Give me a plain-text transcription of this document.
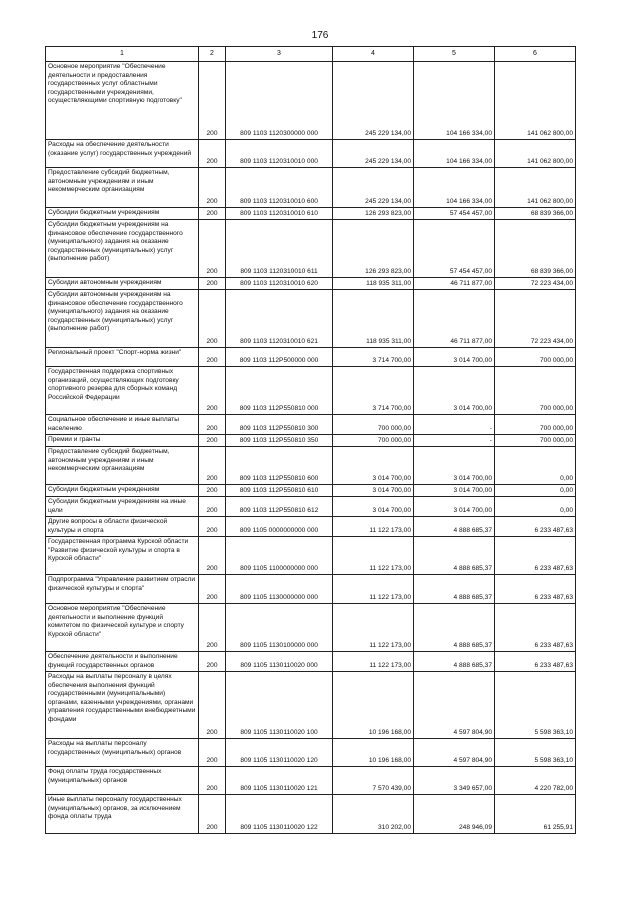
176
1	2	3	4	5	6
Основное мероприятие "Обеспечение деятельности и предоставления государственных услуг областными государственными учреждениями, осуществляющими спортивную подготовку"	200	809 1103 1120300000 000	245 229 134,00	104 166 334,00	141 062 800,00
Расходы на обеспечение деятельности (оказание услуг) государственных учреждений	200	809 1103 1120310010 000	245 229 134,00	104 166 334,00	141 062 800,00
Предоставление субсидий бюджетным, автономным учреждениям и иным некоммерческим организациям	200	809 1103 1120310010 600	245 229 134,00	104 166 334,00	141 062 800,00
Субсидии бюджетным учреждениям	200	809 1103 1120310010 610	126 293 823,00	57 454 457,00	68 839 366,00
Субсидии бюджетным учреждениям на финансовое обеспечение государственного (муниципального) задания на оказание государственных (муниципальных) услуг (выполнение работ)	200	809 1103 1120310010 611	126 293 823,00	57 454 457,00	68 839 366,00
Субсидии автономным учреждениям	200	809 1103 1120310010 620	118 935 311,00	46 711 877,00	72 223 434,00
Субсидии автономным учреждениям на финансовое обеспечение государственного (муниципального) задания на оказание государственных (муниципальных) услуг (выполнение работ)	200	809 1103 1120310010 621	118 935 311,00	46 711 877,00	72 223 434,00
Региональный проект "Спорт-норма жизни"	200	809 1103 112P500000 000	3 714 700,00	3 014 700,00	700 000,00
Государственная поддержка спортивных организаций, осуществляющих подготовку спортивного резерва для сборных команд Российской Федерации	200	809 1103 112P550810 000	3 714 700,00	3 014 700,00	700 000,00
Социальное обеспечение и иные выплаты населению	200	809 1103 112P550810 300	700 000,00	-	700 000,00
Премии и гранты	200	809 1103 112P550810 350	700 000,00	-	700 000,00
Предоставление субсидий бюджетным, автономным учреждениям и иным некоммерческим организациям	200	809 1103 112P550810 600	3 014 700,00	3 014 700,00	0,00
Субсидии бюджетным учреждениям	200	809 1103 112P550810 610	3 014 700,00	3 014 700,00	0,00
Субсидии бюджетным учреждениям на иные цели	200	809 1103 112P550810 612	3 014 700,00	3 014 700,00	0,00
Другие вопросы в области физической культуры и спорта	200	809 1105 0000000000 000	11 122 173,00	4 888 685,37	6 233 487,63
Государственная программа Курской области "Развитие физической культуры и спорта в Курской области"	200	809 1105 1100000000 000	11 122 173,00	4 888 685,37	6 233 487,63
Подпрограмма "Управление развитием отрасли физической культуры и спорта"	200	809 1105 1130000000 000	11 122 173,00	4 888 685,37	6 233 487,63
Основное мероприятие "Обеспечение деятельности и выполнение функций комитетом по физической культуре и спорту Курской области"	200	809 1105 1130100000 000	11 122 173,00	4 888 685,37	6 233 487,63
Обеспечение деятельности и выполнение функций государственных органов	200	809 1105 1130110020 000	11 122 173,00	4 888 685,37	6 233 487,63
Расходы на выплаты персоналу в целях обеспечения выполнения функций государственными (муниципальными) органами, казенными учреждениями, органами управления государственными внебюджетными фондами	200	809 1105 1130110020 100	10 196 168,00	4 597 804,90	5 598 363,10
Расходы на выплаты персоналу государственных (муниципальных) органов	200	809 1105 1130110020 120	10 196 168,00	4 597 804,90	5 598 363,10
Фонд оплаты труда государственных (муниципальных) органов	200	809 1105 1130110020 121	7 570 439,00	3 349 657,00	4 220 782,00
Иные выплаты персоналу государственных (муниципальных) органов, за исключением фонда оплаты труда	200	809 1105 1130110020 122	310 202,00	248 946,09	61 255,91
